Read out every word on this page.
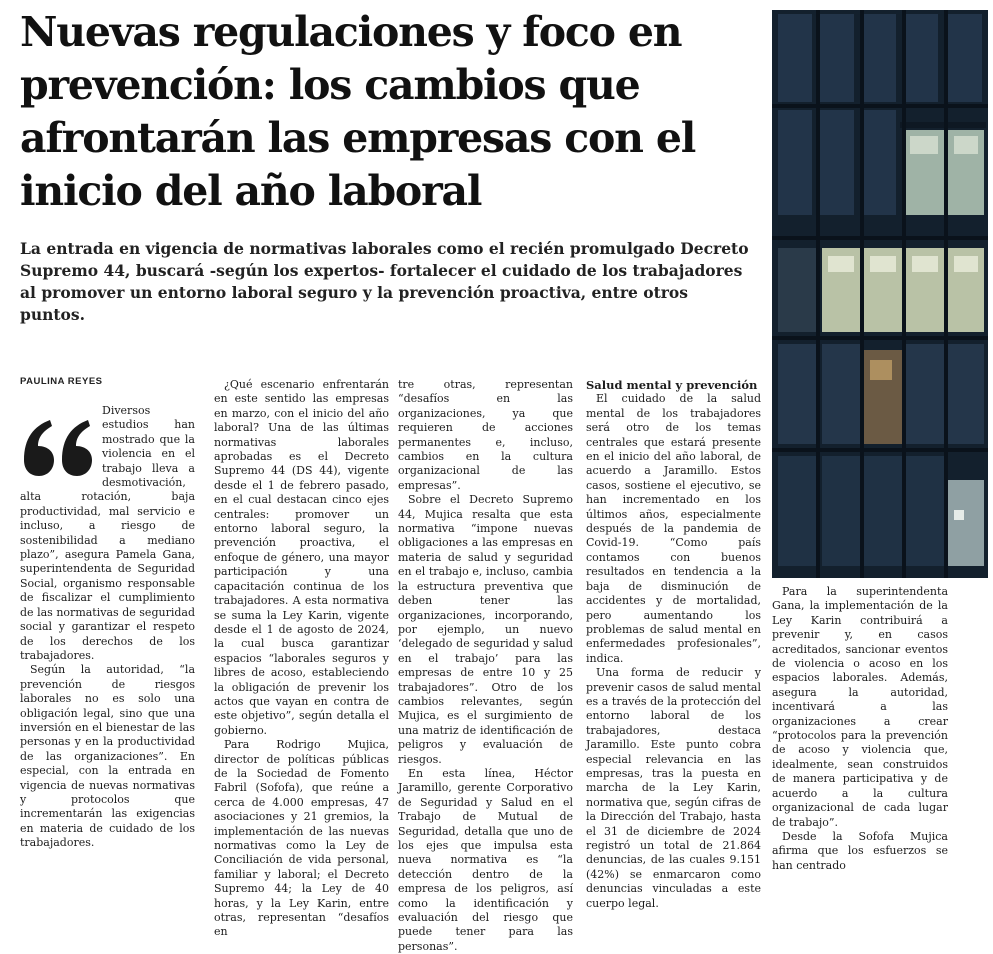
Nuevas regulaciones y foco en prevención: los cambios que afrontarán las empresas con el inicio del año laboral

La entrada en vigencia de normativas laborales como el recién promulgado Decreto Supremo 44, buscará -según los expertos- fortalecer el cuidado de los trabajadores al promover un entorno laboral seguro y la prevención proactiva, entre otros puntos.

PAULINA REYES

Diversos estudios han mostrado que la violencia en el trabajo lleva a desmotivación, alta rotación, baja productividad, mal servicio e incluso, a riesgo de sostenibilidad a mediano plazo”, asegura Pamela Gana, superintendenta de Seguridad Social, organismo responsable de fiscalizar el cumplimiento de las normativas de seguridad social y garantizar el respeto de los derechos de los trabajadores.

Según la autoridad, “la prevención de riesgos laborales no es solo una obligación legal, sino que una inversión en el bienestar de las personas y en la productividad de las organizaciones”. En especial, con la entrada en vigencia de nuevas normativas y protocolos que incrementarán las exigencias en materia de cuidado de los trabajadores.

¿Qué escenario enfrentarán en este sentido las empresas en marzo, con el inicio del año laboral? Una de las últimas normativas laborales aprobadas es el Decreto Supremo 44 (DS 44), vigente desde el 1 de febrero pasado, en el cual destacan cinco ejes centrales: promover un entorno laboral seguro, la prevención proactiva, el enfoque de género, una mayor participación y una capacitación continua de los trabajadores. A esta normativa se suma la Ley Karin, vigente desde el 1 de agosto de 2024, la cual busca garantizar espacios “laborales seguros y libres de acoso, estableciendo la obligación de prevenir los actos que vayan en contra de este objetivo”, según detalla el gobierno.

Para Rodrigo Mujica, director de políticas públicas de la Sociedad de Fomento Fabril (Sofofa), que reúne a cerca de 4.000 empresas, 47 asociaciones y 21 gremios, la implementación de las nuevas normativas como la Ley de Conciliación de vida personal, familiar y laboral; el Decreto Supremo 44; la Ley de 40 horas, y la Ley Karin, entre otras, representan “desafíos en

tre otras, representan “desafíos en las organizaciones, ya que requieren de acciones permanentes e, incluso, cambios en la cultura organizacional de las empresas”.

Sobre el Decreto Supremo 44, Mujica resalta que esta normativa “impone nuevas obligaciones a las empresas en materia de salud y seguridad en el trabajo e, incluso, cambia la estructura preventiva que deben tener las organizaciones, incorporando, por ejemplo, un nuevo ‘delegado de seguridad y salud en el trabajo’ para las empresas de entre 10 y 25 trabajadores”. Otro de los cambios relevantes, según Mujica, es el surgimiento de una matriz de identificación de peligros y evaluación de riesgos.

En esta línea, Héctor Jaramillo, gerente Corporativo de Seguridad y Salud en el Trabajo de Mutual de Seguridad, detalla que uno de los ejes que impulsa esta nueva normativa es “la detección dentro de la empresa de los peligros, así como la identificación y evaluación del riesgo que puede tener para las personas”.

Salud mental y prevención

El cuidado de la salud mental de los trabajadores será otro de los temas centrales que estará presente en el inicio del año laboral, de acuerdo a Jaramillo. Estos casos, sostiene el ejecutivo, se han incrementado en los últimos años, especialmente después de la pandemia de Covid-19. “Como país contamos con buenos resultados en tendencia a la baja de disminución de accidentes y de mortalidad, pero aumentando los problemas de salud mental en enfermedades profesionales”, indica.

Una forma de reducir y prevenir casos de salud mental es a través de la protección del entorno laboral de los trabajadores, destaca Jaramillo. Este punto cobra especial relevancia en las empresas, tras la puesta en marcha de la Ley Karin, normativa que, según cifras de la Dirección del Trabajo, hasta el 31 de diciembre de 2024 registró un total de 21.864 denuncias, de las cuales 9.151 (42%) se enmarcaron como denuncias vinculadas a este cuerpo legal.

Para la superintendenta Gana, la implementación de la Ley Karin contribuirá a prevenir y, en casos acreditados, sancionar eventos de violencia o acoso en los espacios laborales. Además, asegura la autoridad, incentivará a las organizaciones a crear “protocolos para la prevención de acoso y violencia que, idealmente, sean construidos de manera participativa y de acuerdo a la cultura organizacional de cada lugar de trabajo”.

Desde la Sofofa Mujica afirma que los esfuerzos se han centrado
